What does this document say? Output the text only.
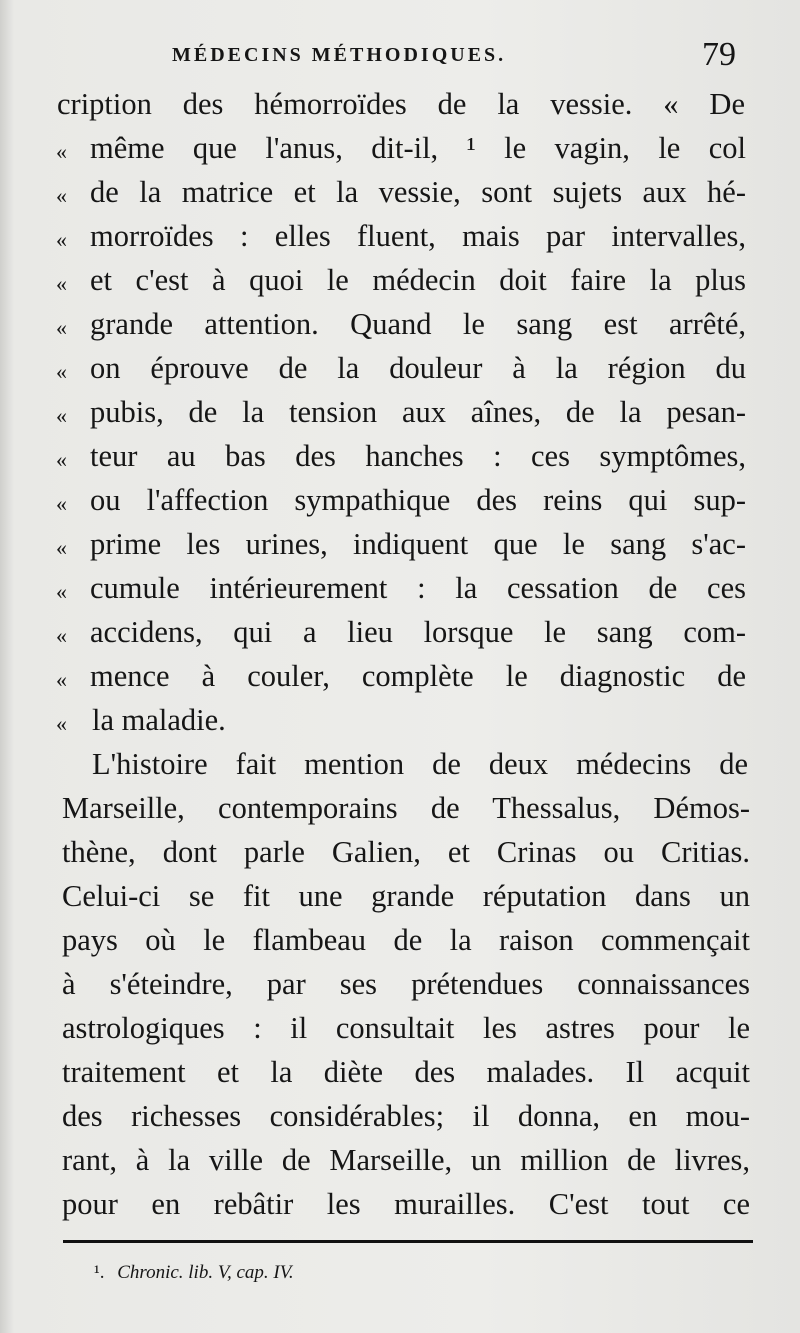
MÉDECINS MÉTHODIQUES.	79
cription des hémorroïdes de la vessie. « De
« même que l'anus, dit-il, ¹ le vagin, le col
« de la matrice et la vessie, sont sujets aux hé-
« morroïdes : elles fluent, mais par intervalles,
« et c'est à quoi le médecin doit faire la plus
« grande attention. Quand le sang est arrêté,
« on éprouve de la douleur à la région du
« pubis, de la tension aux aînes, de la pesan-
« teur au bas des hanches : ces symptômes,
« ou l'affection sympathique des reins qui sup-
« prime les urines, indiquent que le sang s'ac-
« cumule intérieurement : la cessation de ces
« accidens, qui a lieu lorsque le sang com-
« mence à couler, complète le diagnostic de
« la maladie.
L'histoire fait mention de deux médecins de
Marseille, contemporains de Thessalus, Démos-
thène, dont parle Galien, et Crinas ou Critias.
Celui-ci se fit une grande réputation dans un
pays où le flambeau de la raison commençait
à s'éteindre, par ses prétendues connaissances
astrologiques : il consultait les astres pour le
traitement et la diète des malades. Il acquit
des richesses considérables; il donna, en mou-
rant, à la ville de Marseille, un million de livres,
pour en rebâtir les murailles. C'est tout ce
¹. Chronic. lib. V, cap. IV.
